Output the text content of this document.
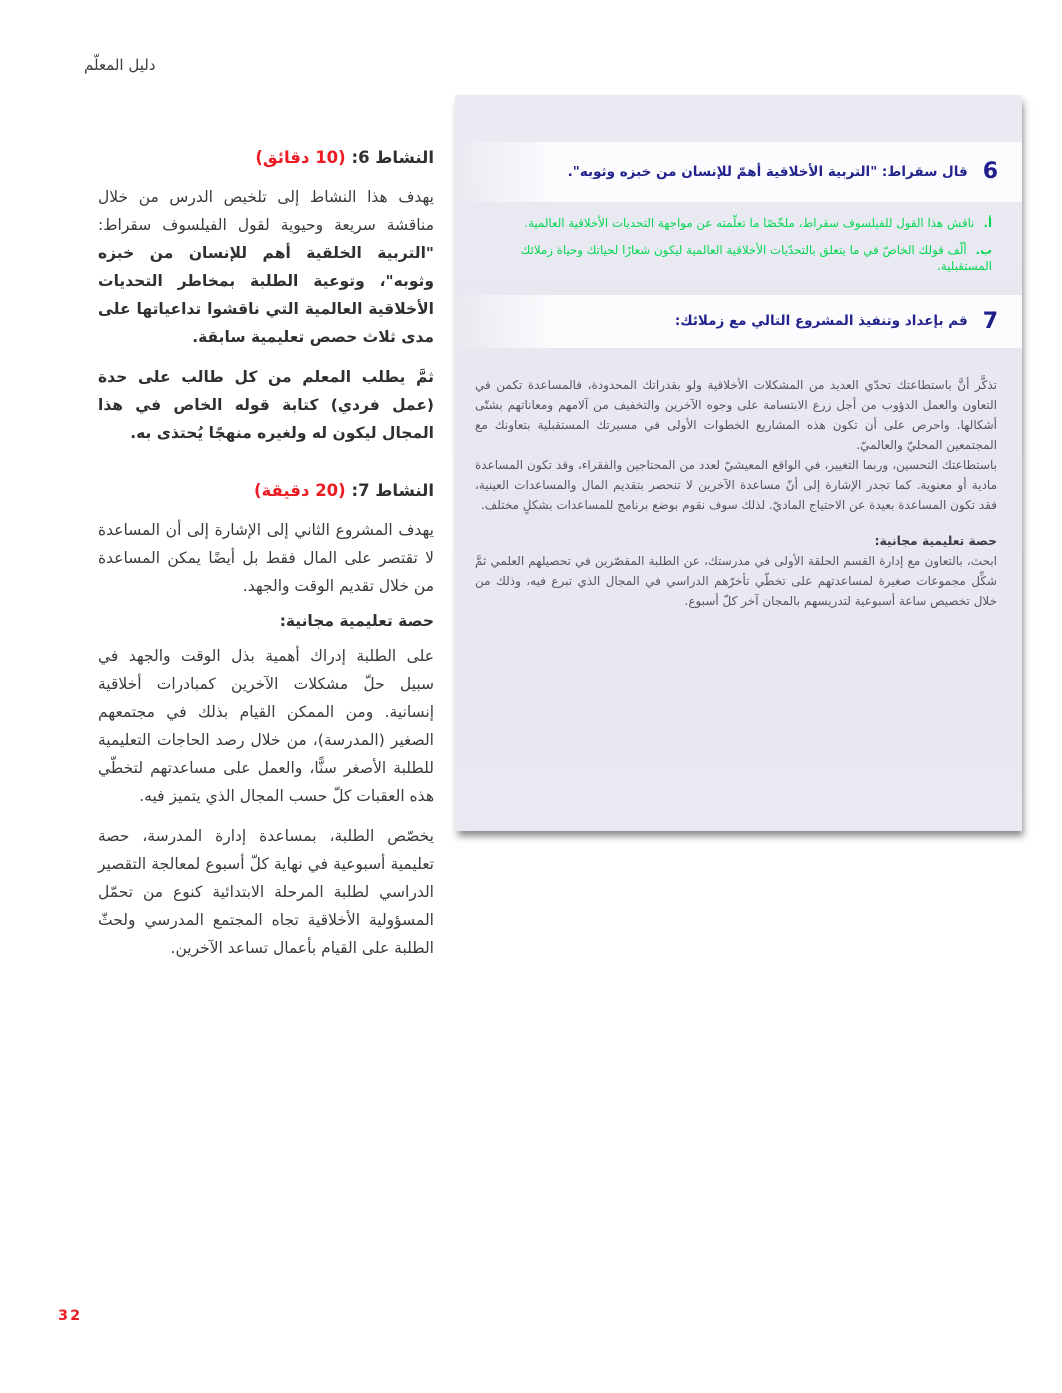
دليل المعلّم
النشاط 6: (10 دقائق)

يهدف هذا النشاط إلى تلخيص الدرس من خلال مناقشة سريعة وحيوية لقول الفيلسوف سقراط: "التربية الخلقية أهم للإنسان من خبزه وثوبه"، وتوعية الطلبة بمخاطر التحديات الأخلاقية العالمية التي ناقشوا تداعياتها على مدى ثلاث حصص تعليمية سابقة.

ثمَّ يطلب المعلم من كل طالب على حدة (عمل فردي) كتابة قوله الخاص في هذا المجال ليكون له ولغيره منهجًا يُحتذى به.

النشاط 7: (20 دقيقة)

يهدف المشروع الثاني إلى الإشارة إلى أن المساعدة لا تقتصر على المال فقط بل أيضًا يمكن المساعدة من خلال تقديم الوقت والجهد.

حصة تعليمية مجانية:

على الطلبة إدراك أهمية بذل الوقت والجهد في سبيل حلّ مشكلات الآخرين كمبادرات أخلاقية إنسانية. ومن الممكن القيام بذلك في مجتمعهم الصغير (المدرسة)، من خلال رصد الحاجات التعليمية للطلبة الأصغر سنًّا، والعمل على مساعدتهم لتخطّي هذه العقبات كلّ حسب المجال الذي يتميز فيه.

يخصّص الطلبة، بمساعدة إدارة المدرسة، حصة تعليمية أسبوعية في نهاية كلّ أسبوع لمعالجة التقصير الدراسي لطلبة المرحلة الابتدائية كنوع من تحمّل المسؤولية الأخلاقية تجاه المجتمع المدرسي ولحثّ الطلبة على القيام بأعمال تساعد الآخرين.

6
قال سقراط: "التربية الأخلاقية أهمّ للإنسان من خبزه وثوبه".
أ.ناقش هذا القول للفيلسوف سقراط، ملخّصًا ما تعلّمته عن مواجهة التحديات الأخلاقية العالمية.
ب.ألّف قولك الخاصّ في ما يتعلق بالتحدّيات الأخلاقية العالمية ليكون شعارًا لحياتك وحياة زملائك المستقبلية.
7
قم بإعداد وتنفيذ المشروع التالي مع زملائك:

تذكَّر أنَّ باستطاعتك تحدّي العديد من المشكلات الأخلاقية ولو بقدراتك المحدودة، فالمساعدة تكمن في التعاون والعمل الدؤوب من أجل زرع الابتسامة على وجوه الآخرين والتخفيف من آلامهم ومعاناتهم بشتّى أشكالها. واحرص على أن تكون هذه المشاريع الخطوات الأولى في مسيرتك المستقبلية بتعاونك مع المجتمعين المحليّ والعالميّ.

باستطاعتك التحسين، وربما التغيير، في الواقع المعيشيّ لعدد من المحتاجين والفقراء، وقد تكون المساعدة مادية أو معنوية. كما تجدر الإشارة إلى أنّ مساعدة الآخرين لا تنحصر بتقديم المال والمساعدات العينية، فقد تكون المساعدة بعيدة عن الاحتياج الماديّ. لذلك سوف نقوم بوضع برنامج للمساعدات بشكلٍ مختلف.

حصة تعليمية مجانية:

ابحث، بالتعاون مع إدارة القسم الحلقة الأولى في مدرستك، عن الطلبة المقصّرين في تحصيلهم العلمي ثمَّ شكِّل مجموعات صغيرة لمساعدتهم على تخطّي تأخرّهم الدراسي في المجال الذي تبرع فيه، وذلك من خلال تخصيص ساعة أسبوعية لتدريسهم بالمجان آخر كلّ أسبوع.

32
